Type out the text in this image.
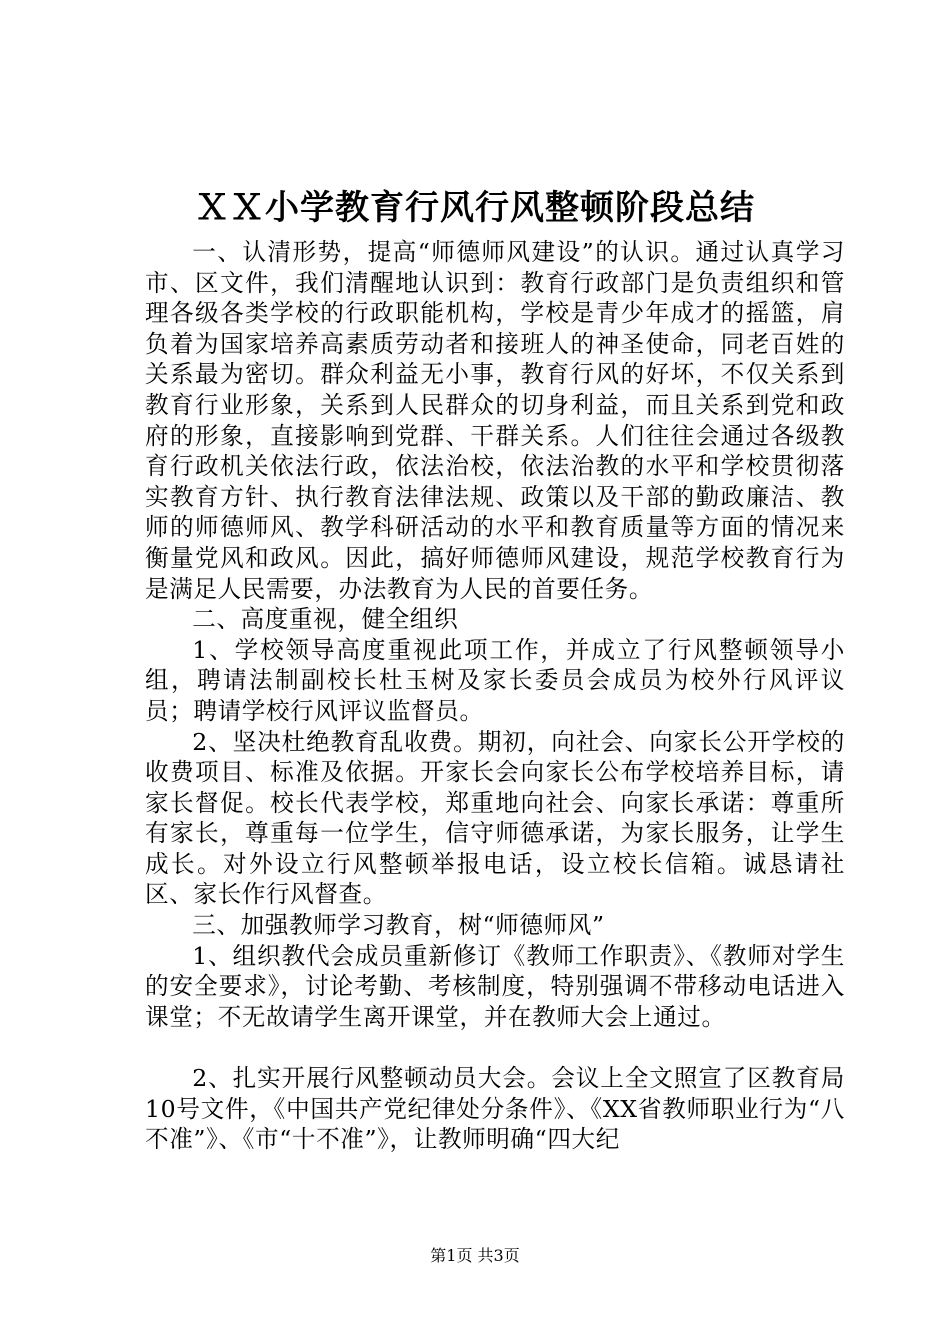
ＸＸ小学教育行风行风整顿阶段总结

一、认清形势，提高“师德师风建设”的认识。通过认真学习市、区文件，我们清醒地认识到：教育行政部门是负责组织和管理各级各类学校的行政职能机构，学校是青少年成才的摇篮，肩负着为国家培养高素质劳动者和接班人的神圣使命，同老百姓的关系最为密切。群众利益无小事，教育行风的好坏，不仅关系到教育行业形象，关系到人民群众的切身利益，而且关系到党和政府的形象，直接影响到党群、干群关系。人们往往会通过各级教育行政机关依法行政，依法治校，依法治教的水平和学校贯彻落实教育方针、执行教育法律法规、政策以及干部的勤政廉洁、教师的师德师风、教学科研活动的水平和教育质量等方面的情况来衡量党风和政风。因此，搞好师德师风建设，规范学校教育行为是满足人民需要，办法教育为人民的首要任务。

二、高度重视，健全组织

1、学校领导高度重视此项工作，并成立了行风整顿领导小组，聘请法制副校长杜玉树及家长委员会成员为校外行风评议员；聘请学校行风评议监督员。

2、坚决杜绝教育乱收费。期初，向社会、向家长公开学校的收费项目、标准及依据。开家长会向家长公布学校培养目标，请家长督促。校长代表学校，郑重地向社会、向家长承诺：尊重所有家长，尊重每一位学生，信守师德承诺，为家长服务，让学生成长。对外设立行风整顿举报电话，设立校长信箱。诚恳请社区、家长作行风督查。

三、加强教师学习教育，树“师德师风”

1、组织教代会成员重新修订《教师工作职责》、《教师对学生的安全要求》，讨论考勤、考核制度，特别强调不带移动电话进入课堂；不无故请学生离开课堂，并在教师大会上通过。

2、扎实开展行风整顿动员大会。会议上全文照宣了区教育局10号文件，《中国共产党纪律处分条件》、《XX省教师职业行为“八不准”》、《市“十不准”》，让教师明确“四大纪

第1页 共3页
